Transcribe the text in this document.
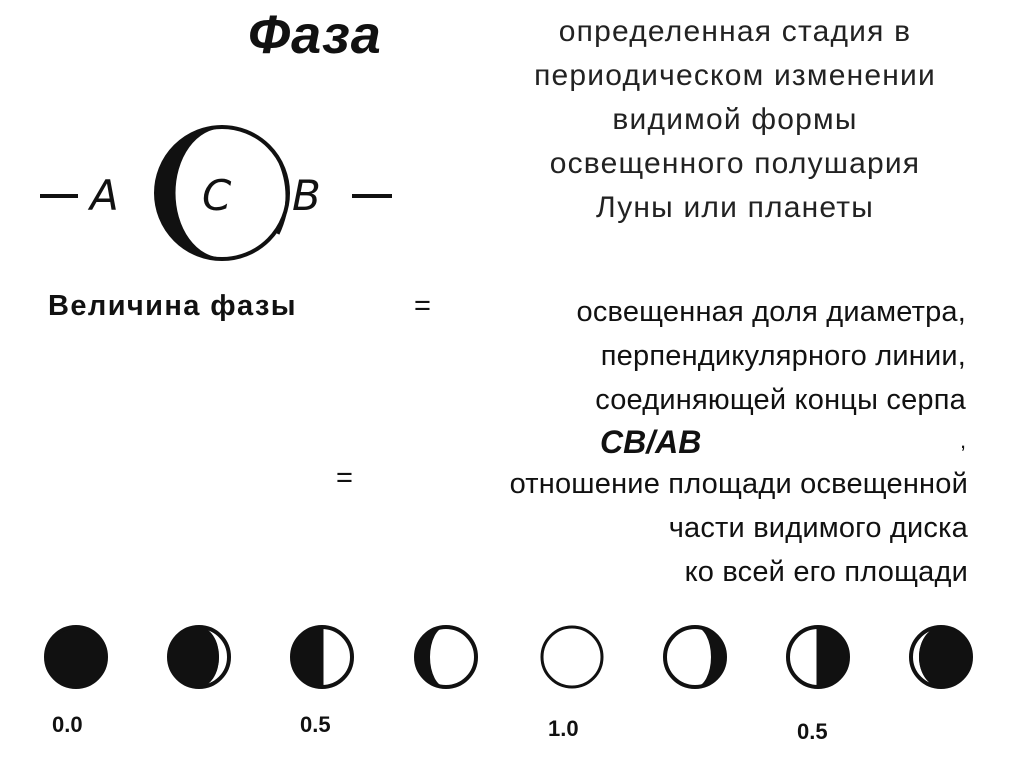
Фаза	определенная стадия в
периодическом изменении
видимой формы
освещенного полушария
Луны или планеты
A C B
Величина фазы	=	освещенная доля диаметра,
перпендикулярного линии,
соединяющей концы серпа
CB/AB	,
=	отношение площади освещенной
части видимого диска
ко всей его площади
0.0	0.5	1.0	0.5
